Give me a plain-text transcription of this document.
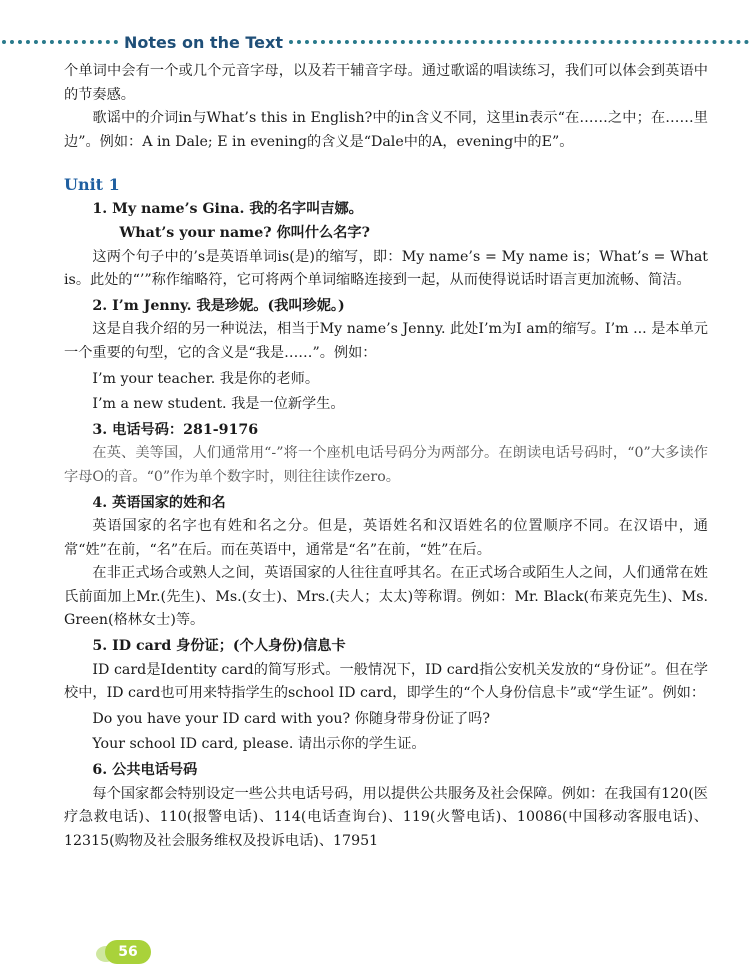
Notes on the Text

个单词中会有一个或几个元音字母，以及若干辅音字母。通过歌谣的唱读练习，我们可以体会到英语中的节奏感。

歌谣中的介词in与What’s this in English?中的in含义不同，这里in表示“在……之中；在……里边”。例如：A in Dale; E in evening的含义是“Dale中的A，evening中的E”。

Unit 1

1. My name’s Gina. 我的名字叫吉娜。

What’s your name? 你叫什么名字?

这两个句子中的’s是英语单词is(是)的缩写，即：My name’s = My name is；What’s = What is。此处的“’”称作缩略符，它可将两个单词缩略连接到一起，从而使得说话时语言更加流畅、简洁。

2. I’m Jenny. 我是珍妮。(我叫珍妮。)

这是自我介绍的另一种说法，相当于My name’s Jenny. 此处I’m为I am的缩写。I’m ... 是本单元一个重要的句型，它的含义是“我是……”。例如：

I’m your teacher. 我是你的老师。

I’m a new student. 我是一位新学生。

3. 电话号码：281-9176

在英、美等国，人们通常用“-”将一个座机电话号码分为两部分。在朗读电话号码时，“0”大多读作字母O的音。“0”作为单个数字时，则往往读作zero。

4. 英语国家的姓和名

英语国家的名字也有姓和名之分。但是，英语姓名和汉语姓名的位置顺序不同。在汉语中，通常“姓”在前，“名”在后。而在英语中，通常是“名”在前，“姓”在后。

在非正式场合或熟人之间，英语国家的人往往直呼其名。在正式场合或陌生人之间，人们通常在姓氏前面加上Mr.(先生)、Ms.(女士)、Mrs.(夫人；太太)等称谓。例如：Mr. Black(布莱克先生)、Ms. Green(格林女士)等。

5. ID card 身份证；(个人身份)信息卡

ID card是Identity card的简写形式。一般情况下，ID card指公安机关发放的“身份证”。但在学校中，ID card也可用来特指学生的school ID card，即学生的“个人身份信息卡”或“学生证”。例如：

Do you have your ID card with you? 你随身带身份证了吗?

Your school ID card, please. 请出示你的学生证。

6. 公共电话号码

每个国家都会特别设定一些公共电话号码，用以提供公共服务及社会保障。例如：在我国有120(医疗急救电话)、110(报警电话)、114(电话查询台)、119(火警电话)、10086(中国移动客服电话)、12315(购物及社会服务维权及投诉电话)、17951

56
